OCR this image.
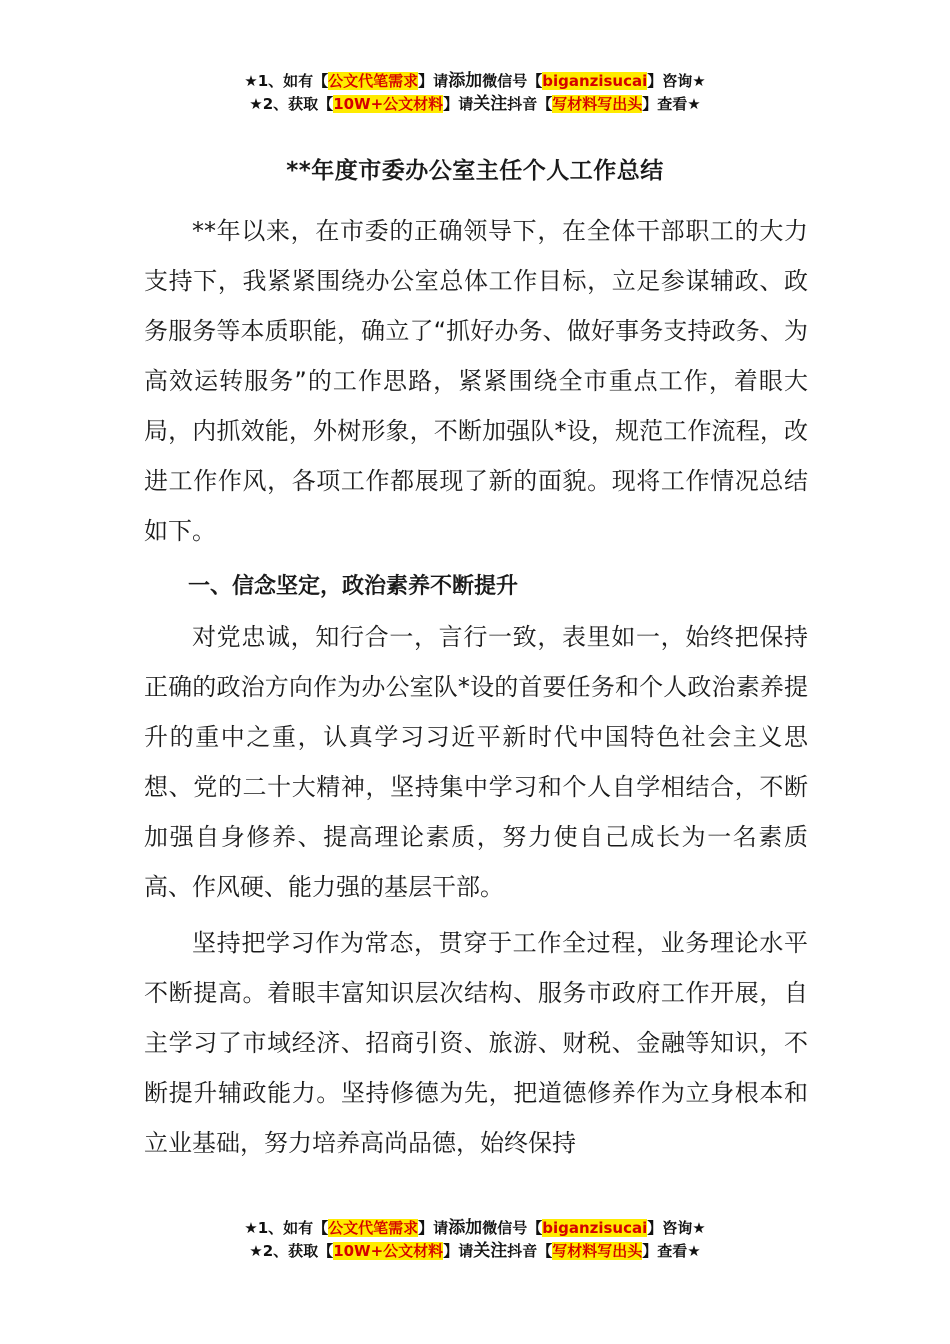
★1、如有【公文代笔需求】请添加微信号【biganzisucai】咨询★
★2、获取【10W+公文材料】请关注抖音【写材料写出头】查看★
**年度市委办公室主任个人工作总结

**年以来，在市委的正确领导下，在全体干部职工的大力支持下，我紧紧围绕办公室总体工作目标，立足参谋辅政、政务服务等本质职能，确立了“抓好办务、做好事务支持政务、为高效运转服务”的工作思路，紧紧围绕全市重点工作，着眼大局，内抓效能，外树形象，不断加强队*设，规范工作流程，改进工作作风，各项工作都展现了新的面貌。现将工作情况总结如下。

一、信念坚定，政治素养不断提升

对党忠诚，知行合一，言行一致，表里如一，始终把保持正确的政治方向作为办公室队*设的首要任务和个人政治素养提升的重中之重，认真学习习近平新时代中国特色社会主义思想、党的二十大精神，坚持集中学习和个人自学相结合，不断加强自身修养、提高理论素质，努力使自己成长为一名素质高、作风硬、能力强的基层干部。

坚持把学习作为常态，贯穿于工作全过程，业务理论水平不断提高。着眼丰富知识层次结构、服务市政府工作开展，自主学习了市域经济、招商引资、旅游、财税、金融等知识，不断提升辅政能力。坚持修德为先，把道德修养作为立身根本和立业基础，努力培养高尚品德，始终保持

★1、如有【公文代笔需求】请添加微信号【biganzisucai】咨询★
★2、获取【10W+公文材料】请关注抖音【写材料写出头】查看★
